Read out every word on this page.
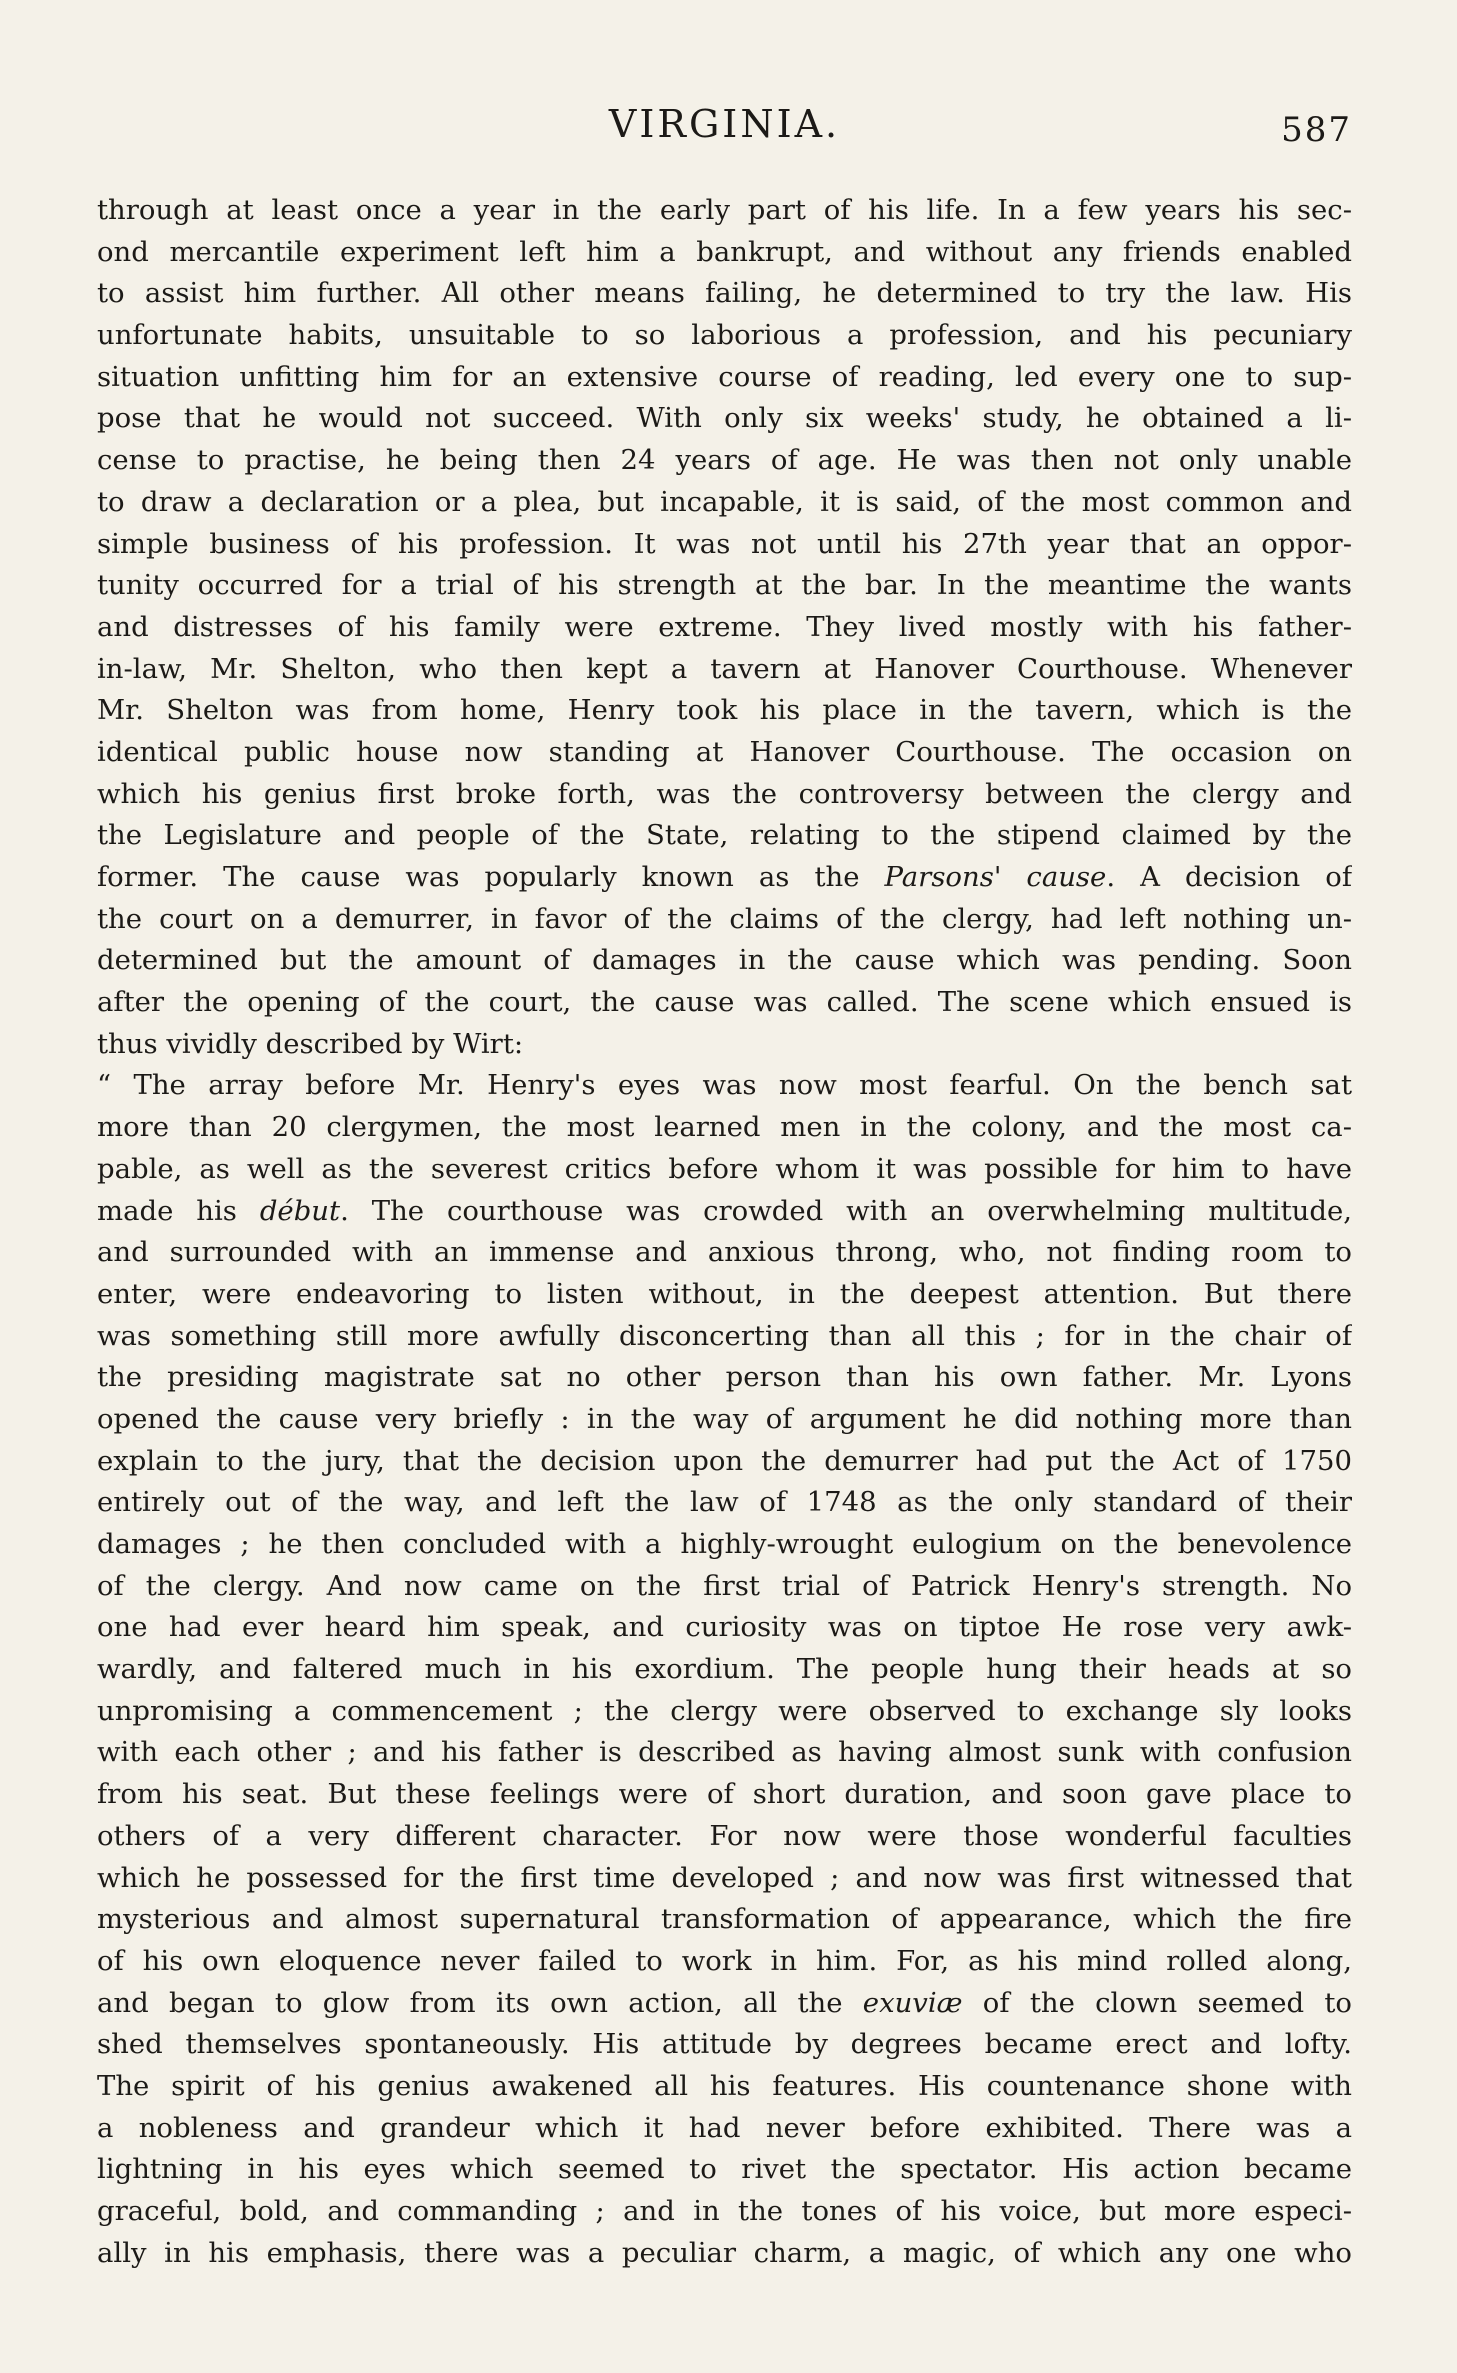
VIRGINIA.	587
through at least once a year in the early part of his life. In a few years his sec-
ond mercantile experiment left him a bankrupt, and without any friends enabled
to assist him further. All other means failing, he determined to try the law. His
unfortunate habits, unsuitable to so laborious a profession, and his pecuniary
situation unfitting him for an extensive course of reading, led every one to sup-
pose that he would not succeed. With only six weeks' study, he obtained a li-
cense to practise, he being then 24 years of age. He was then not only unable
to draw a declaration or a plea, but incapable, it is said, of the most common and
simple business of his profession. It was not until his 27th year that an oppor-
tunity occurred for a trial of his strength at the bar. In the meantime the wants
and distresses of his family were extreme. They lived mostly with his father-
in-law, Mr. Shelton, who then kept a tavern at Hanover Courthouse. Whenever
Mr. Shelton was from home, Henry took his place in the tavern, which is the
identical public house now standing at Hanover Courthouse. The occasion on
which his genius first broke forth, was the controversy between the clergy and
the Legislature and people of the State, relating to the stipend claimed by the
former. The cause was popularly known as the Parsons' cause. A decision of
the court on a demurrer, in favor of the claims of the clergy, had left nothing un-
determined but the amount of damages in the cause which was pending. Soon
after the opening of the court, the cause was called. The scene which ensued is
thus vividly described by Wirt:
“ The array before Mr. Henry's eyes was now most fearful. On the bench sat
more than 20 clergymen, the most learned men in the colony, and the most ca-
pable, as well as the severest critics before whom it was possible for him to have
made his début. The courthouse was crowded with an overwhelming multitude,
and surrounded with an immense and anxious throng, who, not finding room to
enter, were endeavoring to listen without, in the deepest attention. But there
was something still more awfully disconcerting than all this ; for in the chair of
the presiding magistrate sat no other person than his own father. Mr. Lyons
opened the cause very briefly : in the way of argument he did nothing more than
explain to the jury, that the decision upon the demurrer had put the Act of 1750
entirely out of the way, and left the law of 1748 as the only standard of their
damages ; he then concluded with a highly-wrought eulogium on the benevolence
of the clergy. And now came on the first trial of Patrick Henry's strength. No
one had ever heard him speak, and curiosity was on tiptoe He rose very awk-
wardly, and faltered much in his exordium. The people hung their heads at so
unpromising a commencement ; the clergy were observed to exchange sly looks
with each other ; and his father is described as having almost sunk with confusion
from his seat. But these feelings were of short duration, and soon gave place to
others of a very different character. For now were those wonderful faculties
which he possessed for the first time developed ; and now was first witnessed that
mysterious and almost supernatural transformation of appearance, which the fire
of his own eloquence never failed to work in him. For, as his mind rolled along,
and began to glow from its own action, all the exuviæ of the clown seemed to
shed themselves spontaneously. His attitude by degrees became erect and lofty.
The spirit of his genius awakened all his features. His countenance shone with
a nobleness and grandeur which it had never before exhibited. There was a
lightning in his eyes which seemed to rivet the spectator. His action became
graceful, bold, and commanding ; and in the tones of his voice, but more especi-
ally in his emphasis, there was a peculiar charm, a magic, of which any one who
